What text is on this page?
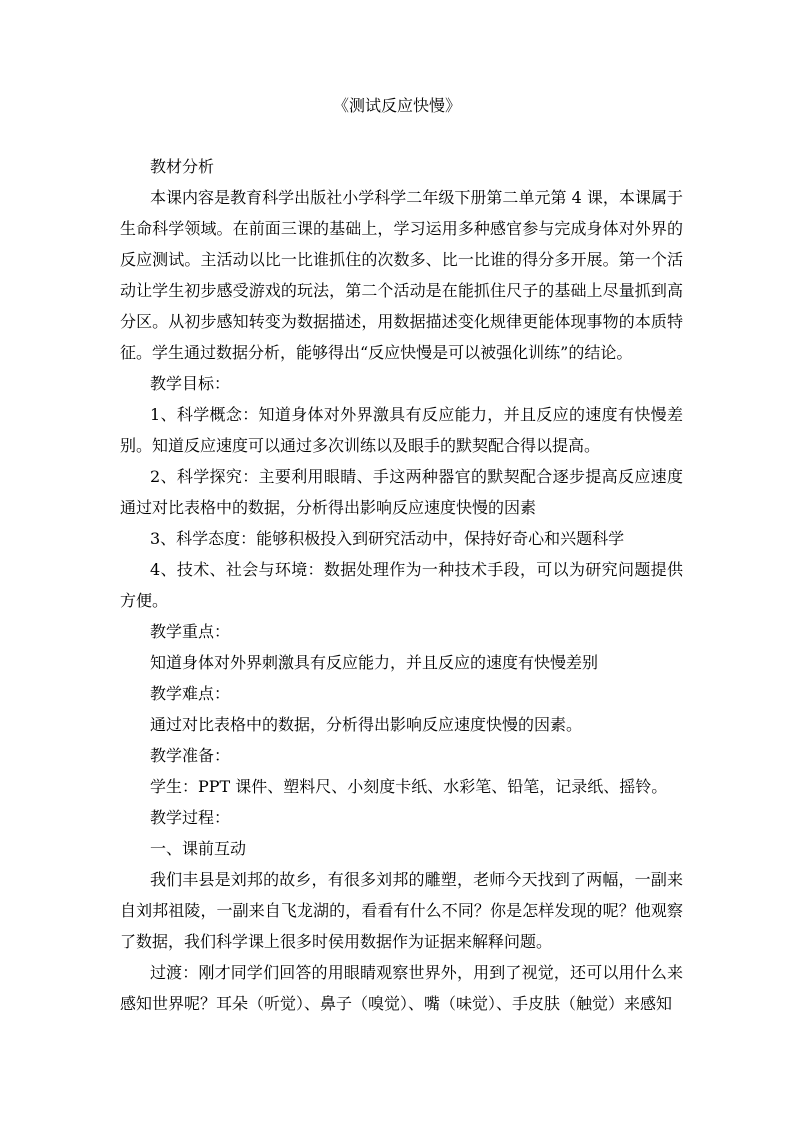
《测试反应快慢》

教材分析

本课内容是教育科学出版社小学科学二年级下册第二单元第 4 课，本课属于生命科学领域。在前面三课的基础上，学习运用多种感官参与完成身体对外界的反应测试。主活动以比一比谁抓住的次数多、比一比谁的得分多开展。第一个活动让学生初步感受游戏的玩法，第二个活动是在能抓住尺子的基础上尽量抓到高分区。从初步感知转变为数据描述，用数据描述变化规律更能体现事物的本质特征。学生通过数据分析，能够得出“反应快慢是可以被强化训练”的结论。

教学目标：

1、科学概念：知道身体对外界激具有反应能力，并且反应的速度有快慢差别。知道反应速度可以通过多次训练以及眼手的默契配合得以提高。

2、科学探究：主要利用眼睛、手这两种器官的默契配合逐步提高反应速度通过对比表格中的数据，分析得出影响反应速度快慢的因素

3、科学态度：能够积极投入到研究活动中，保持好奇心和兴题科学

4、技术、社会与环境：数据处理作为一种技术手段，可以为研究问题提供方便。

教学重点：

知道身体对外界刺激具有反应能力，并且反应的速度有快慢差别

教学难点：

通过对比表格中的数据，分析得出影响反应速度快慢的因素。

教学准备：

学生：PPT 课件、塑料尺、小刻度卡纸、水彩笔、铅笔，记录纸、摇铃。

教学过程：

一、课前互动

我们丰县是刘邦的故乡，有很多刘邦的雕塑，老师今天找到了两幅，一副来自刘邦祖陵，一副来自飞龙湖的，看看有什么不同？你是怎样发现的呢？他观察了数据，我们科学课上很多时侯用数据作为证据来解释问题。

过渡：刚才同学们回答的用眼睛观察世界外，用到了视觉，还可以用什么来感知世界呢？耳朵（听觉）、鼻子（嗅觉）、嘴（味觉）、手皮肤（触觉）来感知
